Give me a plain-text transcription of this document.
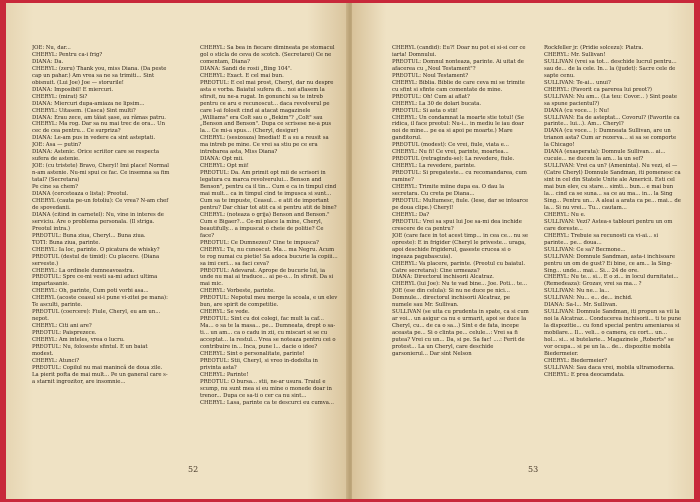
JOE: Nu, dar...

CHERYL: Pentru ca-i frig?

DIANA: Da.

CHERYL: (zeru) Thank you, miss Diana. (Da peste cap un pahar.) Am vrea sa ne sa trimiti... Sint obisnuit. (Lui Joe) Joe — storurile!

DIANA: Imposibil! E miercuri.

CHERYL: (mirat) Si?

DIANA: Miercuri dupa-amiaza ne lipsim...

CHERYL: Uitasem. (Casca) Sint multi?

DIANA: Erau zece, am tăiat șase, au rămas patru.

CHERYL: Ma rog. Dar sa nu mai trec de ora... Un cec de cea pentru... Ce surpriza?

DIANA: Le-am pus in vedere ca sint asteptati.

JOE: Asa — putin?

DIANA: Astenic. Orice scriitor care se respecta sufera de astenie.

JOE: (cu tristete) Bravo, Cheryl! Imi place! Normal n-am astenie. Nu-mi spui ce fac. Ce insemna sa fim tatal? (Secretara)

Pe cine sa chem?

DIANA (cerceteaza o lista): Preotul.

CHERYL (cauta pe-un fotoliu): Ce vrea? N-am chef de spovedanii.

DIANA (citind in carnetel): Nu, vine in interes de serviciu. Are o problema personala. (Il striga. Preotul intra.)

PREOTUL: Buna ziua, Cheryl... Buna ziua.

TOTI: Buna ziua, parinte.

CHERYL: Ia loc, parinte. O picatura de whisky?

PREOTUL (destul de timid): Cu placere. (Diana serveste.)

CHERYL: La ordinele dumneavoastra.

PREOTUL: Spre ce-mi vesti sa-mi aduci ultima impartasanie.

CHERYL: Oh, parinte, Cum poti vorbi asa...

CHERYL (acoste ceasul si-i pune vi-zitei pe mana): Te asculti, parinte.

PREOTUL (coercere): Fiule, Cheryl, eu am un... nepot.

CHERYL: Citi ani are?

PREOTUL: Paisprezece.

CHERYL: Am inteles, vrea o lucru.

PREOTUL: Nu, foloseste sfintul. E un baiat modest.

CHERYL: Atunci?

PREOTUL: Copilul nu mai manincă de doua zile. La pierit pofta de mai mult... Pe un ganeral care s-a starnit ingrozitor, are insomnie...

CHERYL: Sa bea in fiecare dimineata pe stomacul gol o sticla de ceva de scotch. (Secretarei) Ce ne comentam, Diana?

DIANA: Sandi de rosii „Bing 104".

CHERYL: Exact. E cel mai bun.

PREOTUL: E cel mai prost, Cheryl, dar nu despre asta e vorba. Baiatul sufera di... noi aflasem la sfirsit, nu ne-a rugat. In gonunchi sa te intreb pentru ce aru e recunoscut... daca revolverul pe care l-ai folosit cind ai atacat magazinele „Williams" era Colt sau o „Bekim"? „Colt" sau „Benson and Benson". Dupa ce scrisese ne-a pus la... Ce mi-a spus... (Cheryl, desigur)

CHERYL: (sesizeaza) Imediat! E a su a reusit sa ma intreb pe mine. Ce vrei sa stiu pe ce era intrebarea asta, Miss Diana?

DIANA: Opt mii.

CHERYL: Opt mii!

PREOTUL: Da. Am primit opt mii de scrisori in legatura cu marca revolverului... Benson and Benson", pentru ca il tin... Cum e ca in timpul cind mai mult... ca in timpul cind te impusca si sunt... Cum sa te impuste, Ceasul... e atit de important pentru? Dar chiar tot atit ca si pentru atit de bine?

CHERYL: (noteaza o grija) Benson and Benson." Cum e Bigaer?... Ce-mi place la mine, Cheryl, beautifully... a impuscat o cheie de politie? Ce face?

PREOTUL: Ce Dumnezeu? Cine te impusca?

CHERYL: Tu, nu cunoscut. Ma... ma Negru. Acum te rog numai cu pietie! Sa adoca bucurie la copiii... sa imi ceri... sa faci ceva?

PREOTUL: Adevarat. Aprope de bucurie lui, ia unde nu mai ai traduce... ai pe-o... In sfirsit. Da si mai mic.

CHERYL: Vorbeste, parinte.

PREOTUL: Nepotul meu merge la scoala, e un elev bun, are spirit de competitie.

CHERYL: Se vede.

PREOTUL: Sint cu doi colegi, fac mult la caf... Ma... o sa te la masa... pe... Dumneata, drept o sa-ti... un am... ca o cadu in zii, cu miscari si se cu acceptat... la restul... Vrea se noteaza pentru cei o contribuire in... Inca, pune l... dacie o idee?

CHERYL: Sint o personalitate, parinte!

PREOTUL: Stii, Cheryl, si vreo in-dodolta in privinta asta?

CHERYL: Parinte!

PREOTUL: O bursa... stii, ne-ar usura. Traiul e scump, nu sunt mea si eu mine o monede doar in trenor... Dupa ce sa-ti o cer ca nu sint...

CHERYL: Lasa, parinte ca te descurci eu cumva...

52

CHERYL (candid): Eu?! Doar nu pot ei si-si cer ce iarta! Domnului.

PREOTUL: Domnul nonteaza, parinte. Ai uitat de afacerea cu „Noul Testament"?

PREOTUL: Noul Testament?

CHERYL: Biblia. Biblie de care ceva mi se trimite cu sfint si sfinte cam comentate de mine.

PREOTUL: Oh! Cum ai aflat?

CHERYL: La 30 de dolari bucata.

PREOTUL: Si asta o stii!

CHERYL: Un condamnat la moarte stie totul! (Se ridica, il face preotul: Nu-i... in mediu le iau doar noi de mine... pe ea si apoi pe moarte.) Mare ganditorul.

PREOTUL (modest): Ce vrei, fiule, viata e...

CHERYL: Nu fi! Ce vrei, parinte, moartea...

PREOTUL (retragindu-se): La revedere, fiule.

CHERYL: La revedere, parinte.

PREOTUL: Si pregateste... cu recomandarea, cum ramine?

CHERYL: Trimite miine dupa ea. O dau la secretara. Cu creta pe Diana...

PREOTUL: Multumesc, fiule. (Iese, dar se intoarce pe doua clipe.) Cheryl!

CHERYL: Da?

PREOTUL: Vrei sa spui lui Joe sa-mi dea inchide crescere de ca pentru?

JOE (care face in tot acest timp... in cea ce... nu se opreste): E in frigider (Cheryl le priveste... uraga, apoi deschide frigiderul, gaseste crucea si o ingeaza pagubascuia).

CHERYL: Va placere, parinte. (Preotul cu baiatul. Catre secretara): Cine urmeaza?

DIANA: Directorul inchisorii Alcatraz.

CHERYL (lui Joe): Nu te vad bine... Joe. Poti... te...

JOE (ese din celula): Si nu ne duce pe nici... Domnule... directorul inchisorii Alcatraz, pe numele sau Mr. Sullivan.

SULLIVAN (se uita cu prudenta in spate, ca si cum ar voi... un asigur ca nu e urmarit, apoi se duce la Cheryl, cu... de ca o sa...) Sint e de fata, incepe aceasta pe... Si o clinta pe... celule...: Vrei sa fi putea? Vrei cu un... Da, si pe. Sa fac! ....: Ferit de protest... La un Cheryl, care deschide garsonierul... Dar sint Nelson

Rockfeller jr. (Pridie solcezu): Piatra.

CHERYL: Mr. Sullivan!

SULLIVAN (vrei sa tot... deschide lucrul pentru... sau de... de la cele. In... la (ijudet): Sacre cele de sapte cenu.

SULLIVAN: Te-ai... unui?

CHERYL: (Favorit ca parerea lui preot?)

SULLIVAN: Nu am... (La teu: Covor... ) Sint poate sa spune pacientul?)

DIANA (cu voce... ): Nu!

SULLIVAN: Ea de asteptat... Covorul? (Favorite ca parinte... lui...). Am... Cheryl?

DIANA (cu voce... ): Dumneata Sullivan, are un trianon asta? Cum ar rezerva... si sa se comporte la Chicago!

DIANA (exasperata): Domnule Sullivan... ai... cucuie... ne ducem la am... la un sef?

SULLIVAN: Vrei ca un? (Ameninta). Nu vezi, el — (Catre Cheryl) Domnule Sandman, iti pomenesc ca sint in cel din Statele Unite ale Americii. Esti cel mai bun elev, cu stare... simti... bun... e mai bun la... cind ca se suna... sa ce au ma... in... la Sing Sing... Pentru un... A aleai a arata ca pe... mai... de la... Si nu vrei... Tu... cautam...

CHERYL: Nu e.

SULLIVAN: Vezi? Astea-s tablouri pentru un om care doreste...

CHERYL: Trebuie sa recunosti ca vi-ai... si parinte... pe... doua...

SULLIVAN: Ce sa? Becmone...

SULLIVAN: Domnule Sandman, asta-i inchisoare pentru un om de gust? Ei bine, ce am... la Sing-Sing... unde... mai... Si... 24 de ore.

CHERYL: Nu te... si... E o zi... in locul durnitatei... (Remedeaza): Grozav, vrei sa ma... ?

SULLIVAN: Nu ne... la...

SULLIVAN: Nu... e... de... inchid.

DIANA: Sa-l... Mr. Sullivan.

SULLIVAN: Domnule Sandman, iti propun sa vii la noi la Alcatraz... Conducerea inchisorii... ti te pune la dispozitie... cu fond special pentru ameniarea si mobilare... Il... veli... o camera, cu cort... un... hol... si... si butelarie... Magazinele „Roberts" se vor ocupa... si pe un la... de... dispozitie mobila Biedermeier.

CHERYL: Biedermeier?

SULLIVAN: Sau daca vrei, mobila ultramoderna.

CHERYL: E prea deocamdata.

53
